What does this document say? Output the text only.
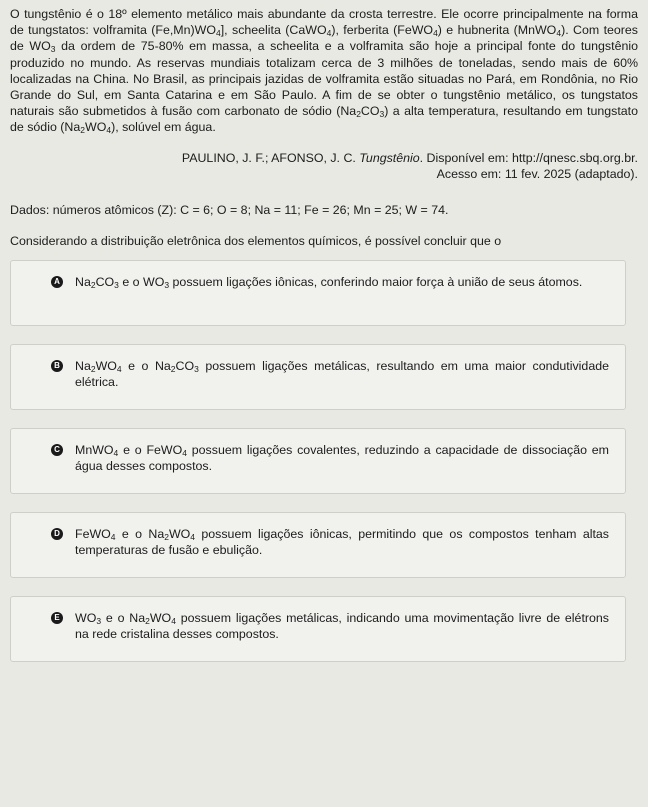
O tungstênio é o 18º elemento metálico mais abundante da crosta terrestre. Ele ocorre principalmente na forma de tungstatos: volframita $(Fe,Mn)WO_4$], scheelita (CaWO$_4$), ferberita (FeWO$_4$) e hubnerita (MnWO$_4$). Com teores de $WO_3$ da ordem de 75-80% em massa, a scheelita e a volframita são hoje a principal fonte do tungstênio produzido no mundo. As reservas mundiais totalizam cerca de 3 milhões de toneladas, sendo mais de 60% localizadas na China. No Brasil, as principais jazidas de volframita estão situadas no Pará, em Rondônia, no Rio Grande do Sul, em Santa Catarina e em São Paulo. A fim de se obter o tungstênio metálico, os tungstatos naturais são submetidos à fusão com carbonato de sódio $(Na_2CO_3)$ a alta temperatura, resultando em tungstato de sódio $(Na_2WO_4)$, solúvel em água.

PAULINO, J. F.; AFONSO, J. C. Tungstênio. Disponível em: http://qnesc.sbq.org.br.
Acesso em: 11 fev. 2025 (adaptado).
Dados: números atômicos (Z): C = 6; O = 8; Na = 11; Fe = 26; Mn = 25; W = 74.
Considerando a distribuição eletrônica dos elementos químicos, é possível concluir que o
A $Na_2CO_3$ e o $WO_3$ possuem ligações iônicas, conferindo maior força à união de seus átomos.
B $Na_2WO_4$ e o $Na_2CO_3$ possuem ligações metálicas, resultando em uma maior condutividade elétrica.
C MnWO$_4$ e o FeWO$_4$ possuem ligações covalentes, reduzindo a capacidade de dissociação em água desses compostos.
D FeWO$_4$ e o $Na_2WO_4$ possuem ligações iônicas, permitindo que os compostos tenham altas temperaturas de fusão e ebulição.
E $WO_3$ e o $Na_2WO_4$ possuem ligações metálicas, indicando uma movimentação livre de elétrons na rede cristalina desses compostos.
